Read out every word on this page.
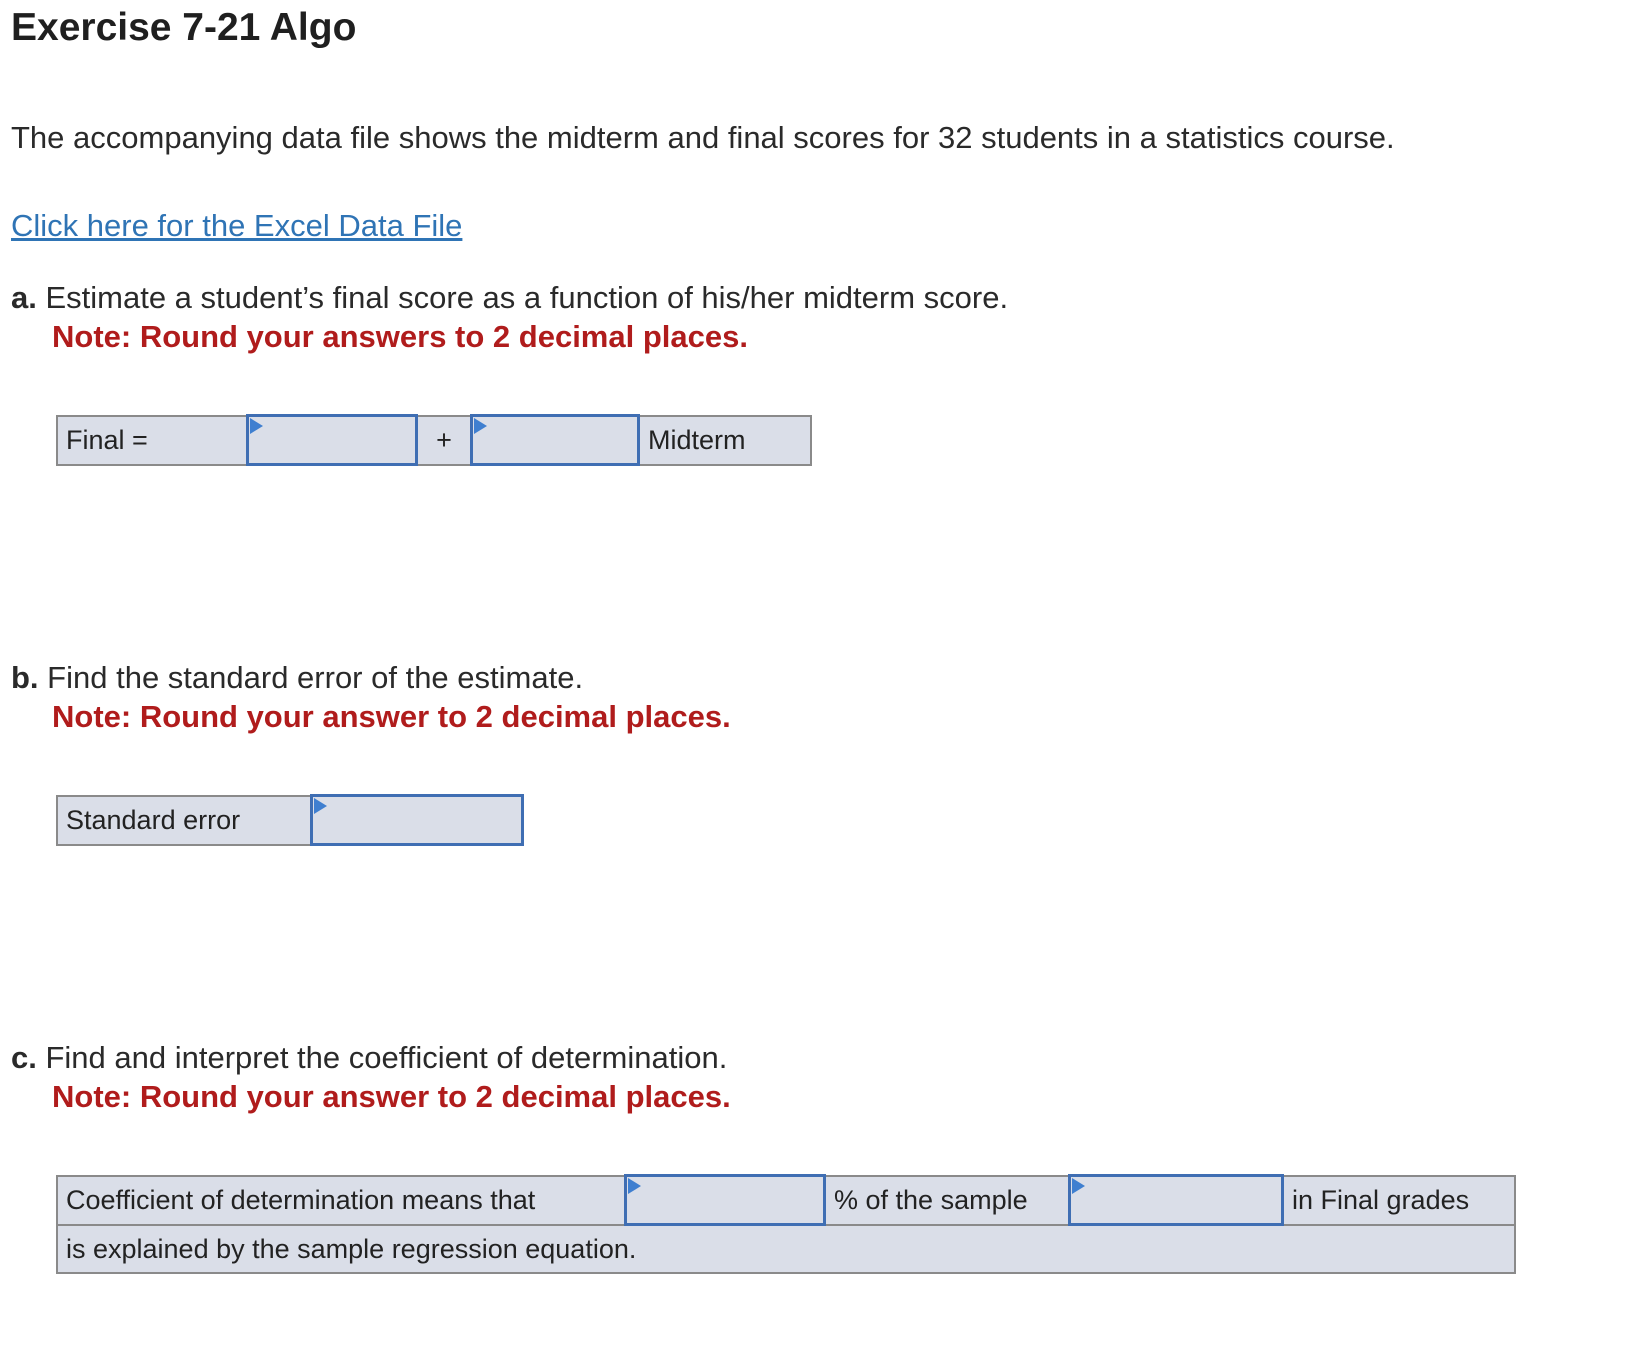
Exercise 7-21 Algo
The accompanying data file shows the midterm and final scores for 32 students in a statistics course.
Click here for the Excel Data File
a. Estimate a student’s final score as a function of his/her midterm score.
Note: Round your answers to 2 decimal places.
Final =		+		Midterm
b. Find the standard error of the estimate.
Note: Round your answer to 2 decimal places.
Standard error	
c. Find and interpret the coefficient of determination.
Note: Round your answer to 2 decimal places.
Coefficient of determination means that		% of the sample		in Final grades
is explained by the sample regression equation.
